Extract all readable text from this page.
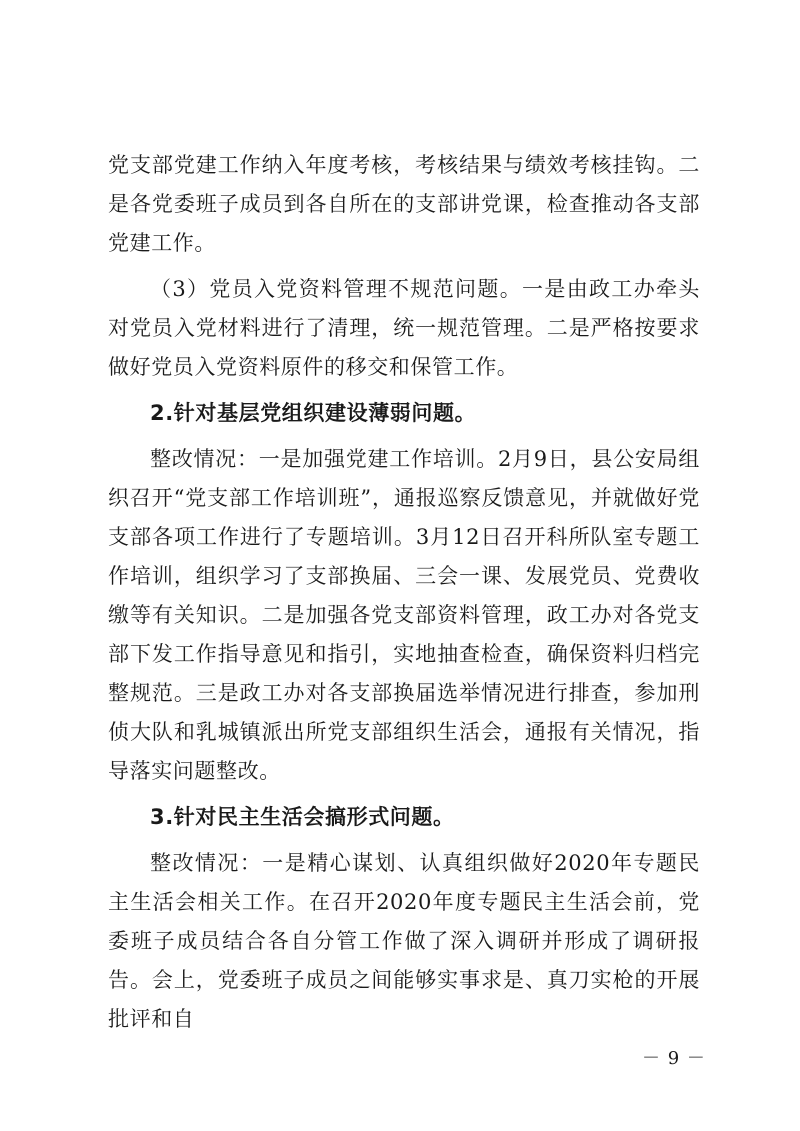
党支部党建工作纳入年度考核，考核结果与绩效考核挂钩。二是各党委班子成员到各自所在的支部讲党课，检查推动各支部党建工作。

（3）党员入党资料管理不规范问题。一是由政工办牵头对党员入党材料进行了清理，统一规范管理。二是严格按要求做好党员入党资料原件的移交和保管工作。

2.针对基层党组织建设薄弱问题。

整改情况：一是加强党建工作培训。2月9日，县公安局组织召开“党支部工作培训班”，通报巡察反馈意见，并就做好党支部各项工作进行了专题培训。3月12日召开科所队室专题工作培训，组织学习了支部换届、三会一课、发展党员、党费收缴等有关知识。二是加强各党支部资料管理，政工办对各党支部下发工作指导意见和指引，实地抽查检查，确保资料归档完整规范。三是政工办对各支部换届选举情况进行排查，参加刑侦大队和乳城镇派出所党支部组织生活会，通报有关情况，指导落实问题整改。

3.针对民主生活会搞形式问题。

整改情况：一是精心谋划、认真组织做好2020年专题民主生活会相关工作。在召开2020年度专题民主生活会前，党委班子成员结合各自分管工作做了深入调研并形成了调研报告。会上，党委班子成员之间能够实事求是、真刀实枪的开展批评和自

－ 9 －
